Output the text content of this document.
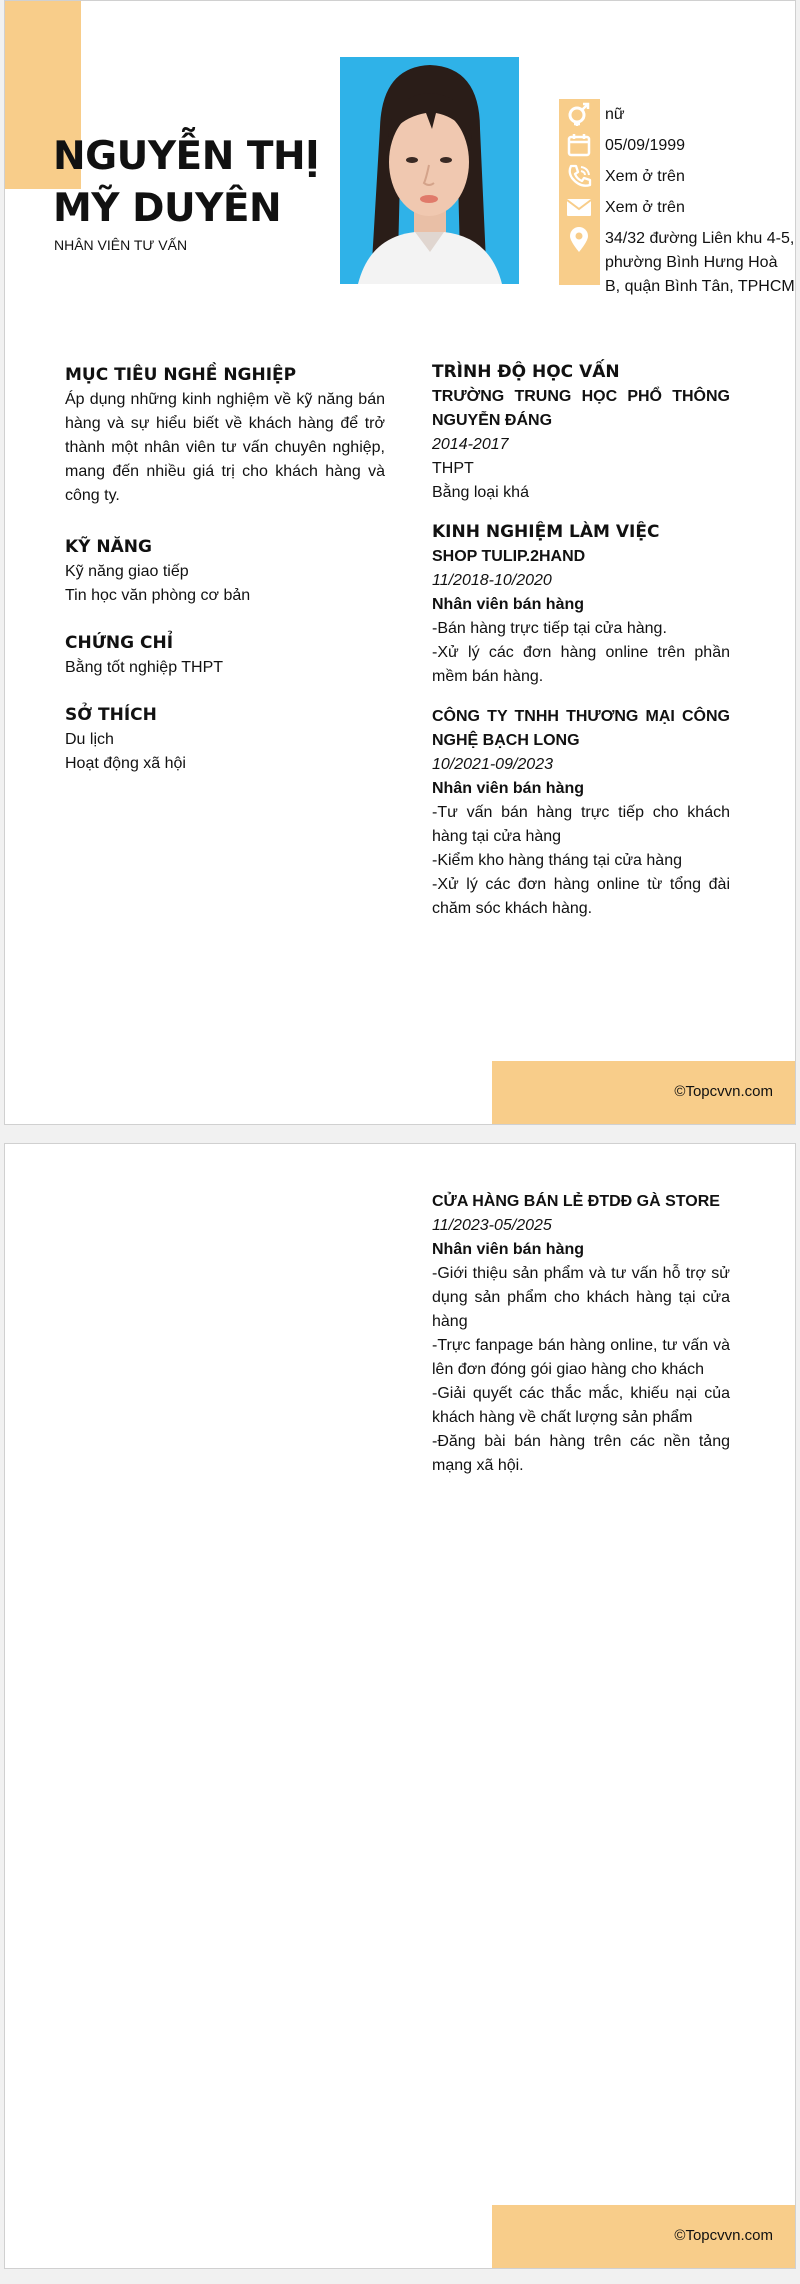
NGUYỄN THỊ
MỸ DUYÊN
NHÂN VIÊN TƯ VẤN
nữ
05/09/1999
Xem ở trên
Xem ở trên
34/32 đường Liên khu 4-5, phường Bình Hưng Hoà B, quận Bình Tân, TPHCM
MỤC TIÊU NGHỀ NGHIỆP

Áp dụng những kinh nghiệm về kỹ năng bán hàng và sự hiểu biết về khách hàng để trở thành một nhân viên tư vấn chuyên nghiệp, mang đến nhiều giá trị cho khách hàng và công ty.

KỸ NĂNG

Kỹ năng giao tiếp

Tin học văn phòng cơ bản

CHỨNG CHỈ

Bằng tốt nghiệp THPT

SỞ THÍCH

Du lịch

Hoạt động xã hội

TRÌNH ĐỘ HỌC VẤN

TRƯỜNG TRUNG HỌC PHỔ THÔNG NGUYỄN ĐÁNG

2014-2017

THPT

Bằng loại khá

KINH NGHIỆM LÀM VIỆC

SHOP TULIP.2HAND

11/2018-10/2020

Nhân viên bán hàng

-Bán hàng trực tiếp tại cửa hàng.

-Xử lý các đơn hàng online trên phần mềm bán hàng.

CÔNG TY TNHH THƯƠNG MẠI CÔNG NGHỆ BẠCH LONG

10/2021-09/2023

Nhân viên bán hàng

-Tư vấn bán hàng trực tiếp cho khách hàng tại cửa hàng

-Kiểm kho hàng tháng tại cửa hàng

-Xử lý các đơn hàng online từ tổng đài chăm sóc khách hàng.

©Topcvvn.com

CỬA HÀNG BÁN LẺ ĐTDĐ GÀ STORE

11/2023-05/2025

Nhân viên bán hàng

-Giới thiệu sản phẩm và tư vấn hỗ trợ sử dụng sản phẩm cho khách hàng tại cửa hàng

-Trực fanpage bán hàng online, tư vấn và lên đơn đóng gói giao hàng cho khách

-Giải quyết các thắc mắc, khiếu nại của khách hàng về chất lượng sản phẩm

-Đăng bài bán hàng trên các nền tảng mạng xã hội.

©Topcvvn.com
